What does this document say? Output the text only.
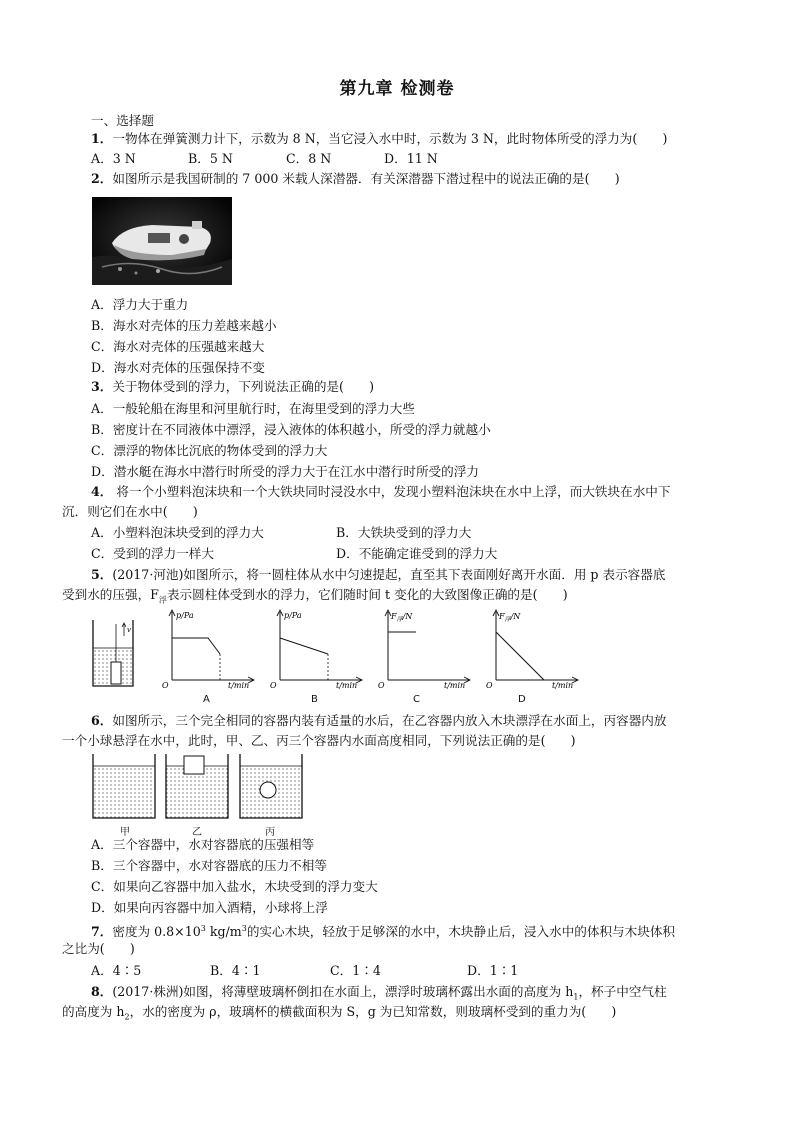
第九章 检测卷
一、选择题
1．一物体在弹簧测力计下，示数为 8 N，当它浸入水中时，示数为 3 N，此时物体所受的浮力为(　　)
A．3 N	B．5 N	C．8 N	D．11 N
2．如图所示是我国研制的 7 000 米载人深潜器．有关深潜器下潜过程中的说法正确的是(　　)
A．浮力大于重力
B．海水对壳体的压力差越来越小
C．海水对壳体的压强越来越大
D．海水对壳体的压强保持不变
3．关于物体受到的浮力，下列说法正确的是(　　)
A．一般轮船在海里和河里航行时，在海里受到的浮力大些
B．密度计在不同液体中漂浮，浸入液体的体积越小，所受的浮力就越小
C．漂浮的物体比沉底的物体受到的浮力大
D．潜水艇在海水中潜行时所受的浮力大于在江水中潜行时所受的浮力
4． 将一个小塑料泡沫块和一个大铁块同时浸没水中，发现小塑料泡沫块在水中上浮，而大铁块在水中下
沉．则它们在水中(　　)
A．小塑料泡沫块受到的浮力大	B．大铁块受到的浮力大
C．受到的浮力一样大	D．不能确定谁受到的浮力大
5．(2017·河池)如图所示，将一圆柱体从水中匀速提起，直至其下表面刚好离开水面．用 p 表示容器底
受到水的压强，$F_浮$表示圆柱体受到水的浮力，它们随时间 t 变化的大致图像正确的是(　　)
v
p/Pa
O	t/min
A
p/Pa
O	t/min
B
$F_浮/N$
O	t/min
C
$F_浮/N$
O	t/min
D
6．如图所示，三个完全相同的容器内装有适量的水后，在乙容器内放入木块漂浮在水面上，丙容器内放
一个小球悬浮在水中，此时，甲、乙、丙三个容器内水面高度相同，下列说法正确的是(　　)
甲	乙	丙
A．三个容器中，水对容器底的压强相等
B．三个容器中，水对容器底的压力不相等
C．如果向乙容器中加入盐水，木块受到的浮力变大
D．如果向丙容器中加入酒精，小球将上浮
7．密度为 $0.8\times 10^3$ $kg/m^3$的实心木块，轻放于足够深的水中，木块静止后，浸入水中的体积与木块体积
之比为(　　)
A．4∶5	B．4∶1	C．1∶4	D．1∶1
8．(2017·株洲)如图，将薄壁玻璃杯倒扣在水面上，漂浮时玻璃杯露出水面的高度为 $h_1$，杯子中空气柱
的高度为 $h_2$，水的密度为 ρ，玻璃杯的横截面积为 S，g 为已知常数，则玻璃杯受到的重力为(　　)
